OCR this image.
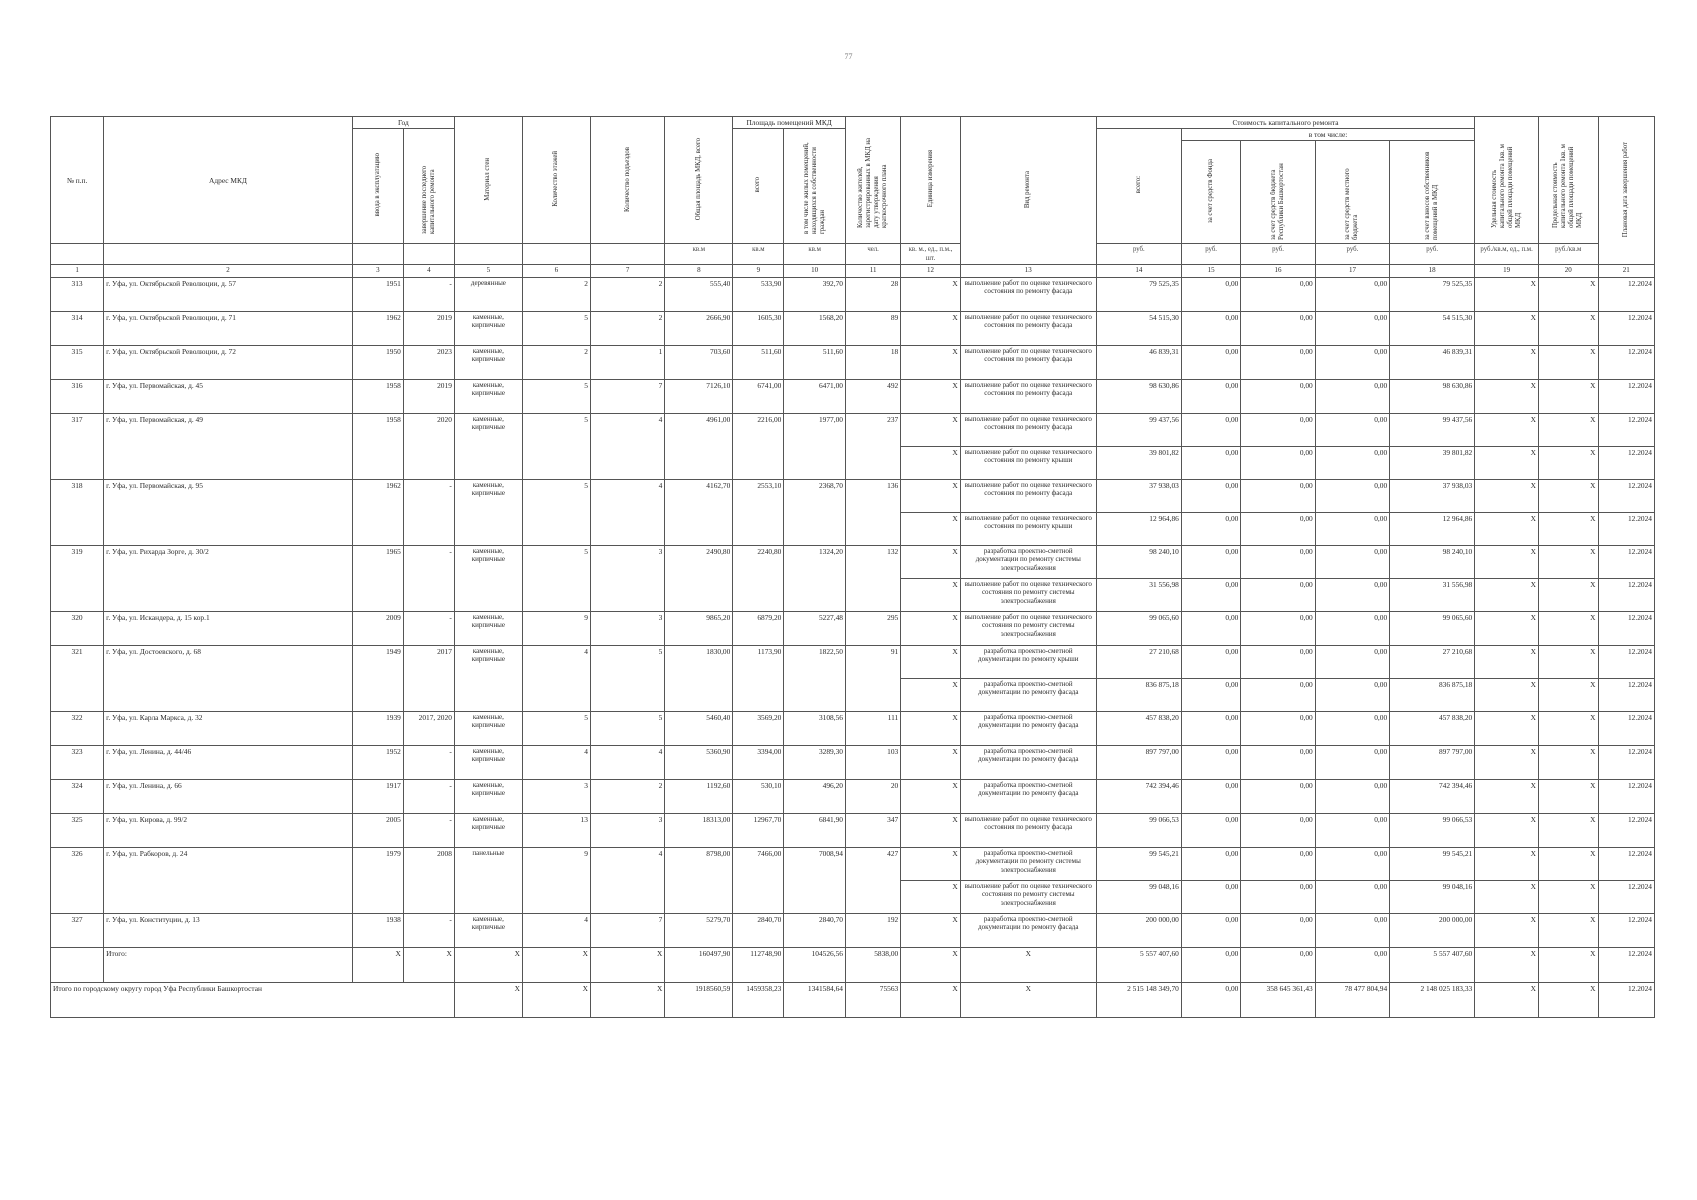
77
№ п.п.	Адрес МКД	Год		Материал стен	Количество этажей	Количество подъездов	Общая площадь МКД, всего	Площадь помещений МКД		Количество жителей, зарегистрированных в МКД на дату утверждения краткосрочного плана	Единица измерения	Вид ремонта	Стоимость капитального ремонта					Удельная стоимость капитального ремонта 1кв. м общей площади помещений МКД	Предельная стоимость капитального ремонта 1кв. м общей площади помещений МКД	Плановая дата завершения работ
		ввода в эксплуатацию	завершение последнего капитального ремонта					всего	в том числе жилых помещений, находящихся в собственности граждан				всего:	в том числе:						
														за счет средств Фонда	за счет средств бюджета Республики Башкортостан	за счет средств местного бюджета	за счет взносов собственников помещений в МКД			
							кв.м	кв.м	кв.м	чел.	кв. м., ед., п.м., шт.		руб.	руб.	руб.	руб.	руб.	руб./кв.м, ед., п.м.	руб./кв.м	
1	2	3	4	5	6	7	8	9	10	11	12	13	14	15	16	17	18	19	20	21
313	г. Уфа, ул. Октябрьской Революции, д. 57	1951	-	деревянные	2	2	555,40	533,90	392,70	28	X	выполнение работ по оценке технического состояния по ремонту фасада	79 525,35	0,00	0,00	0,00	79 525,35	X	X	12.2024
314	г. Уфа, ул. Октябрьской Революции, д. 71	1962	2019	каменные, кирпичные	5	2	2666,90	1605,30	1568,20	89	X	выполнение работ по оценке технического состояния по ремонту фасада	54 515,30	0,00	0,00	0,00	54 515,30	X	X	12.2024
315	г. Уфа, ул. Октябрьской Революции, д. 72	1950	2023	каменные, кирпичные	2	1	703,60	511,60	511,60	18	X	выполнение работ по оценке технического состояния по ремонту фасада	46 839,31	0,00	0,00	0,00	46 839,31	X	X	12.2024
316	г. Уфа, ул. Первомайская, д. 45	1958	2019	каменные, кирпичные	5	7	7126,10	6741,00	6471,00	492	X	выполнение работ по оценке технического состояния по ремонту фасада	98 630,86	0,00	0,00	0,00	98 630,86	X	X	12.2024
317	г. Уфа, ул. Первомайская, д. 49	1958	2020	каменные, кирпичные	5	4	4961,00	2216,00	1977,00	237	X	выполнение работ по оценке технического состояния по ремонту фасада	99 437,56	0,00	0,00	0,00	99 437,56	X	X	12.2024
											X	выполнение работ по оценке технического состояния по ремонту крыши	39 801,82	0,00	0,00	0,00	39 801,82	X	X	12.2024
318	г. Уфа, ул. Первомайская, д. 95	1962	-	каменные, кирпичные	5	4	4162,70	2553,10	2368,70	136	X	выполнение работ по оценке технического состояния по ремонту фасада	37 938,03	0,00	0,00	0,00	37 938,03	X	X	12.2024
											X	выполнение работ по оценке технического состояния по ремонту крыши	12 964,86	0,00	0,00	0,00	12 964,86	X	X	12.2024
319	г. Уфа, ул. Рихарда Зорге, д. 30/2	1965	-	каменные, кирпичные	5	3	2490,80	2240,80	1324,20	132	X	разработка проектно-сметной документации по ремонту системы электроснабжения	98 240,10	0,00	0,00	0,00	98 240,10	X	X	12.2024
											X	выполнение работ по оценке технического состояния по ремонту системы электроснабжения	31 556,98	0,00	0,00	0,00	31 556,98	X	X	12.2024
320	г. Уфа, ул. Искандера, д. 15 кор.1	2009	-	каменные, кирпичные	9	3	9865,20	6879,20	5227,48	295	X	выполнение работ по оценке технического состояния по ремонту системы электроснабжения	99 065,60	0,00	0,00	0,00	99 065,60	X	X	12.2024
321	г. Уфа, ул. Достоевского, д. 68	1949	2017	каменные, кирпичные	4	5	1830,00	1173,90	1822,50	91	X	разработка проектно-сметной документации по ремонту крыши	27 210,68	0,00	0,00	0,00	27 210,68	X	X	12.2024
											X	разработка проектно-сметной документации по ремонту фасада	836 875,18	0,00	0,00	0,00	836 875,18	X	X	12.2024
322	г. Уфа, ул. Карла Маркса, д. 32	1939	2017, 2020	каменные, кирпичные	5	5	5460,40	3569,20	3108,56	111	X	разработка проектно-сметной документации по ремонту фасада	457 838,20	0,00	0,00	0,00	457 838,20	X	X	12.2024
323	г. Уфа, ул. Ленина, д. 44/46	1952	-	каменные, кирпичные	4	4	5360,90	3394,00	3289,30	103	X	разработка проектно-сметной документации по ремонту фасада	897 797,00	0,00	0,00	0,00	897 797,00	X	X	12.2024
324	г. Уфа, ул. Ленина, д. 66	1917	-	каменные, кирпичные	3	2	1192,60	530,10	496,20	20	X	разработка проектно-сметной документации по ремонту фасада	742 394,46	0,00	0,00	0,00	742 394,46	X	X	12.2024
325	г. Уфа, ул. Кирова, д. 99/2	2005	-	каменные, кирпичные	13	3	18313,00	12967,70	6841,90	347	X	выполнение работ по оценке технического состояния по ремонту фасада	99 066,53	0,00	0,00	0,00	99 066,53	X	X	12.2024
326	г. Уфа, ул. Рабкоров, д. 24	1979	2008	панельные	9	4	8798,00	7466,00	7008,94	427	X	разработка проектно-сметной документации по ремонту системы электроснабжения	99 545,21	0,00	0,00	0,00	99 545,21	X	X	12.2024
											X	выполнение работ по оценке технического состояния по ремонту системы электроснабжения	99 048,16	0,00	0,00	0,00	99 048,16	X	X	12.2024
327	г. Уфа, ул. Конституции, д. 13	1938	-	каменные, кирпичные	4	7	5279,70	2840,70	2840,70	192	X	разработка проектно-сметной документации по ремонту фасада	200 000,00	0,00	0,00	0,00	200 000,00	X	X	12.2024
	Итого:	X	X	X	X	X	160497,90	112748,90	104526,56	5838,00	X	X	5 557 407,60	0,00	0,00	0,00	5 557 407,60	X	X	12.2024
Итого по городскому округу город Уфа Республики Башкортостан				X	X	X	1918560,59	1459358,23	1341584,64	75563	X	X	2 515 148 349,70	0,00	358 645 361,43	78 477 804,94	2 148 025 183,33	X	X	12.2024
